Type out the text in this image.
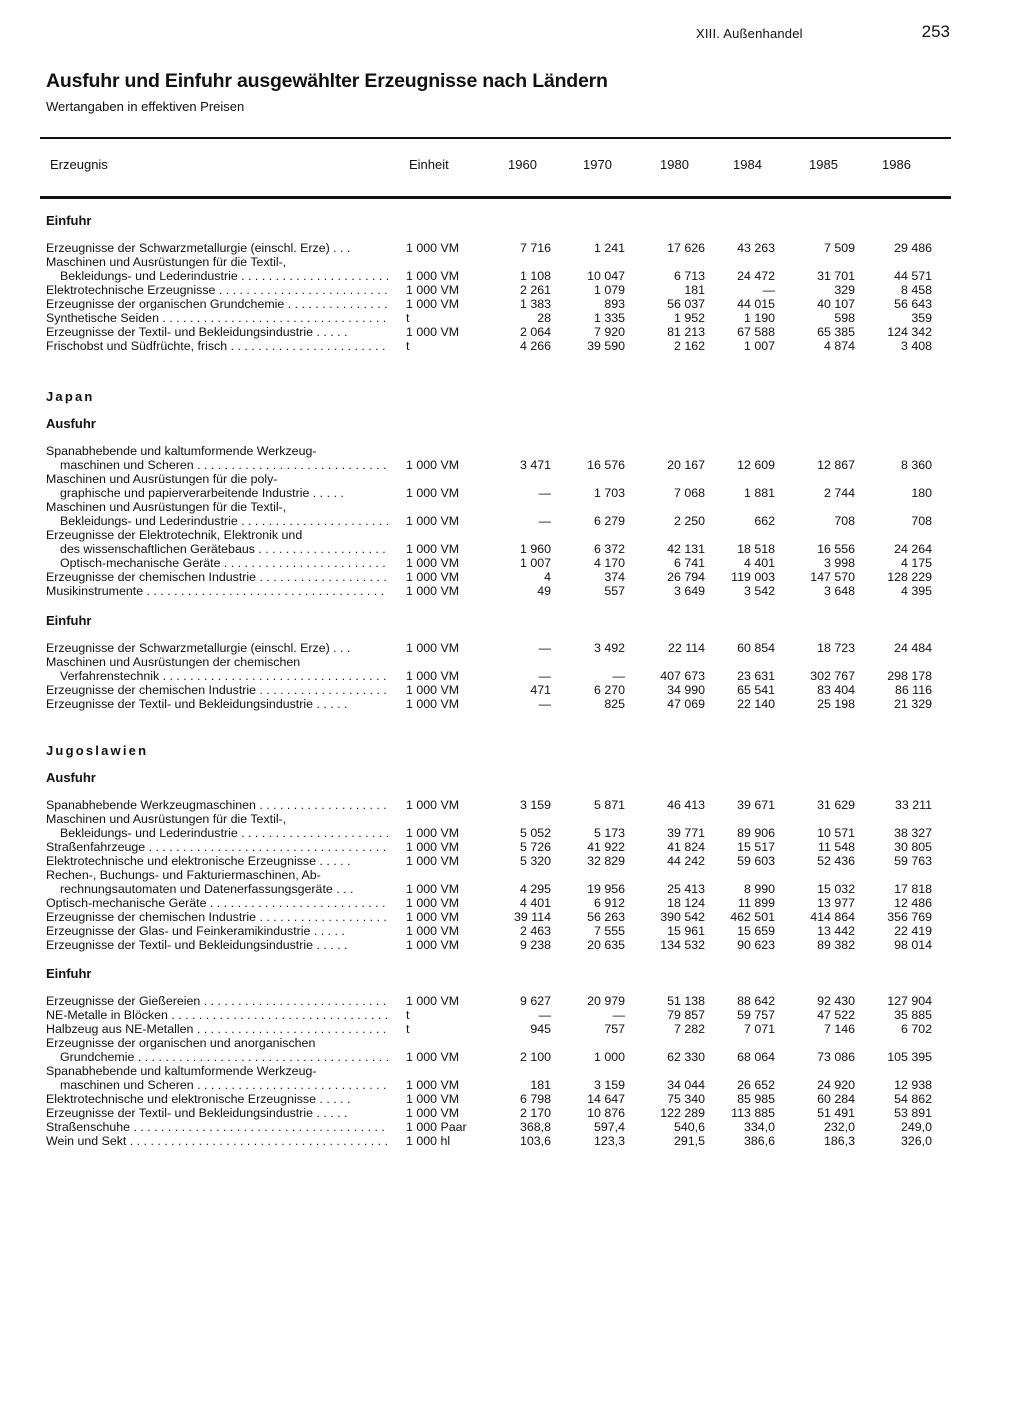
XIII. Außenhandel	253
Ausfuhr und Einfuhr ausgewählter Erzeugnisse nach Ländern
Wertangaben in effektiven Preisen
Erzeugnis	Einheit	1960	1970	1980	1984	1985	1986
Einfuhr
Erzeugnisse der Schwarzmetallurgie (einschl. Erze) . . .	1 000 VM	7 716	1 241	17 626	43 263	7 509	29 486
Maschinen und Ausrüstungen für die Textil-,
Bekleidungs- und Lederindustrie . . .	1 000 VM	1 108	10 047	6 713	24 472	31 701	44 571
Elektrotechnische Erzeugnisse . . .	1 000 VM	2 261	1 079	181	—	329	8 458
Erzeugnisse der organischen Grundchemie . . .	1 000 VM	1 383	893	56 037	44 015	40 107	56 643
Synthetische Seiden . . .	t	28	1 335	1 952	1 190	598	359
Erzeugnisse der Textil- und Bekleidungsindustrie . . . . .	1 000 VM	2 064	7 920	81 213	67 588	65 385	124 342
Frischobst und Südfrüchte, frisch . . .	t	4 266	39 590	2 162	1 007	4 874	3 408
Japan
Ausfuhr
Spanabhebende und kaltumformende Werkzeug-
maschinen und Scheren . . .	1 000 VM	3 471	16 576	20 167	12 609	12 867	8 360
Maschinen und Ausrüstungen für die poly-
graphische und papierverarbeitende Industrie . . . . .	1 000 VM	—	1 703	7 068	1 881	2 744	180
Maschinen und Ausrüstungen für die Textil-,
Bekleidungs- und Lederindustrie . . .	1 000 VM	—	6 279	2 250	662	708	708
Erzeugnisse der Elektrotechnik, Elektronik und
des wissenschaftlichen Gerätebaus . . .	1 000 VM	1 960	6 372	42 131	18 518	16 556	24 264
Optisch-mechanische Geräte . . .	1 000 VM	1 007	4 170	6 741	4 401	3 998	4 175
Erzeugnisse der chemischen Industrie . . .	1 000 VM	4	374	26 794	119 003	147 570	128 229
Musikinstrumente . . .	1 000 VM	49	557	3 649	3 542	3 648	4 395
Einfuhr
Erzeugnisse der Schwarzmetallurgie (einschl. Erze) . . .	1 000 VM	—	3 492	22 114	60 854	18 723	24 484
Maschinen und Ausrüstungen der chemischen
Verfahrenstechnik . . .	1 000 VM	—	—	407 673	23 631	302 767	298 178
Erzeugnisse der chemischen Industrie . . .	1 000 VM	471	6 270	34 990	65 541	83 404	86 116
Erzeugnisse der Textil- und Bekleidungsindustrie . . . . .	1 000 VM	—	825	47 069	22 140	25 198	21 329
Jugoslawien
Ausfuhr
Spanabhebende Werkzeugmaschinen . . .	1 000 VM	3 159	5 871	46 413	39 671	31 629	33 211
Maschinen und Ausrüstungen für die Textil-,
Bekleidungs- und Lederindustrie . . .	1 000 VM	5 052	5 173	39 771	89 906	10 571	38 327
Straßenfahrzeuge . . .	1 000 VM	5 726	41 922	41 824	15 517	11 548	30 805
Elektrotechnische und elektronische Erzeugnisse . . . . .	1 000 VM	5 320	32 829	44 242	59 603	52 436	59 763
Rechen-, Buchungs- und Fakturiermaschinen, Ab-
rechnungsautomaten und Datenerfassungsgeräte . . .	1 000 VM	4 295	19 956	25 413	8 990	15 032	17 818
Optisch-mechanische Geräte . . .	1 000 VM	4 401	6 912	18 124	11 899	13 977	12 486
Erzeugnisse der chemischen Industrie . . .	1 000 VM	39 114	56 263	390 542	462 501	414 864	356 769
Erzeugnisse der Glas- und Feinkeramikindustrie . . . . .	1 000 VM	2 463	7 555	15 961	15 659	13 442	22 419
Erzeugnisse der Textil- und Bekleidungsindustrie . . . . .	1 000 VM	9 238	20 635	134 532	90 623	89 382	98 014
Einfuhr
Erzeugnisse der Gießereien . . .	1 000 VM	9 627	20 979	51 138	88 642	92 430	127 904
NE-Metalle in Blöcken . . .	t	—	—	79 857	59 757	47 522	35 885
Halbzeug aus NE-Metallen . . .	t	945	757	7 282	7 071	7 146	6 702
Erzeugnisse der organischen und anorganischen
Grundchemie . . .	1 000 VM	2 100	1 000	62 330	68 064	73 086	105 395
Spanabhebende und kaltumformende Werkzeug-
maschinen und Scheren . . .	1 000 VM	181	3 159	34 044	26 652	24 920	12 938
Elektrotechnische und elektronische Erzeugnisse . . . . .	1 000 VM	6 798	14 647	75 340	85 985	60 284	54 862
Erzeugnisse der Textil- und Bekleidungsindustrie . . . . .	1 000 VM	2 170	10 876	122 289	113 885	51 491	53 891
Straßenschuhe . . .	1 000 Paar	368,8	597,4	540,6	334,0	232,0	249,0
Wein und Sekt . . .	1 000 hl	103,6	123,3	291,5	386,6	186,3	326,0
